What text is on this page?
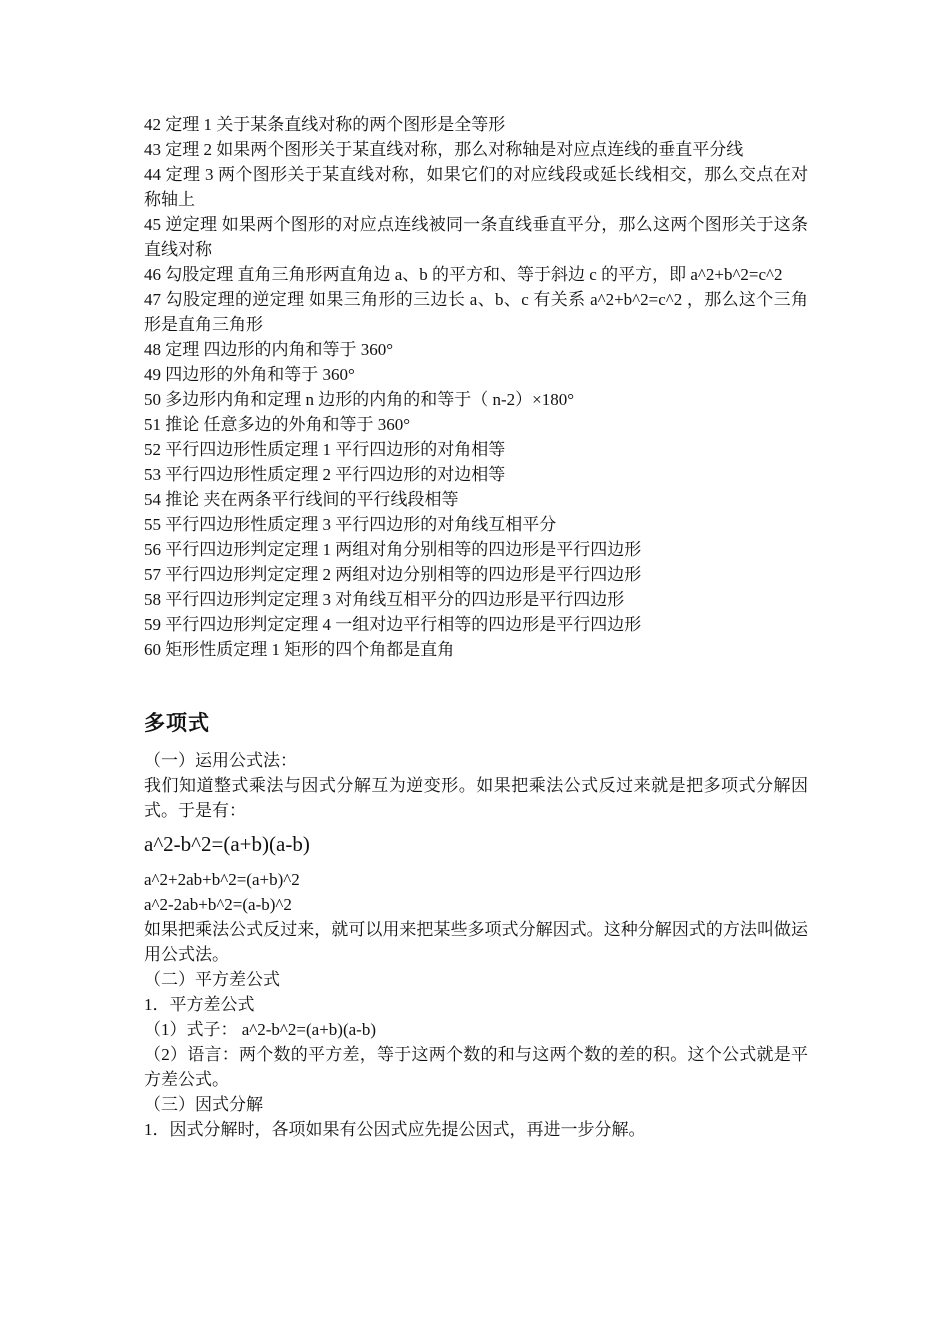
42 定理 1 关于某条直线对称的两个图形是全等形

43 定理 2 如果两个图形关于某直线对称，那么对称轴是对应点连线的垂直平分线

44 定理 3 两个图形关于某直线对称，如果它们的对应线段或延长线相交，那么交点在对称轴上

45 逆定理 如果两个图形的对应点连线被同一条直线垂直平分，那么这两个图形关于这条直线对称

46 勾股定理 直角三角形两直角边 a、b 的平方和、等于斜边 c 的平方，即 a^2+b^2=c^2

47 勾股定理的逆定理 如果三角形的三边长 a、b、c 有关系 a^2+b^2=c^2 ，那么这个三角形是直角三角形

48 定理 四边形的内角和等于 360°

49 四边形的外角和等于 360°

50 多边形内角和定理 n 边形的内角的和等于（ n-2）×180°

51 推论 任意多边的外角和等于 360°

52 平行四边形性质定理 1 平行四边形的对角相等

53 平行四边形性质定理 2 平行四边形的对边相等

54 推论 夹在两条平行线间的平行线段相等

55 平行四边形性质定理 3 平行四边形的对角线互相平分

56 平行四边形判定定理 1 两组对角分别相等的四边形是平行四边形

57 平行四边形判定定理 2 两组对边分别相等的四边形是平行四边形

58 平行四边形判定定理 3 对角线互相平分的四边形是平行四边形

59 平行四边形判定定理 4 一组对边平行相等的四边形是平行四边形

60 矩形性质定理 1 矩形的四个角都是直角

多项式

（一）运用公式法：

我们知道整式乘法与因式分解互为逆变形。如果把乘法公式反过来就是把多项式分解因式。于是有：

a^2-b^2=(a+b)(a-b)

a^2+2ab+b^2=(a+b)^2

a^2-2ab+b^2=(a-b)^2

如果把乘法公式反过来，就可以用来把某些多项式分解因式。这种分解因式的方法叫做运用公式法。

（二）平方差公式

1．平方差公式

（1）式子： a^2-b^2=(a+b)(a-b)

（2）语言：两个数的平方差，等于这两个数的和与这两个数的差的积。这个公式就是平方差公式。

（三）因式分解

1．因式分解时，各项如果有公因式应先提公因式，再进一步分解。
